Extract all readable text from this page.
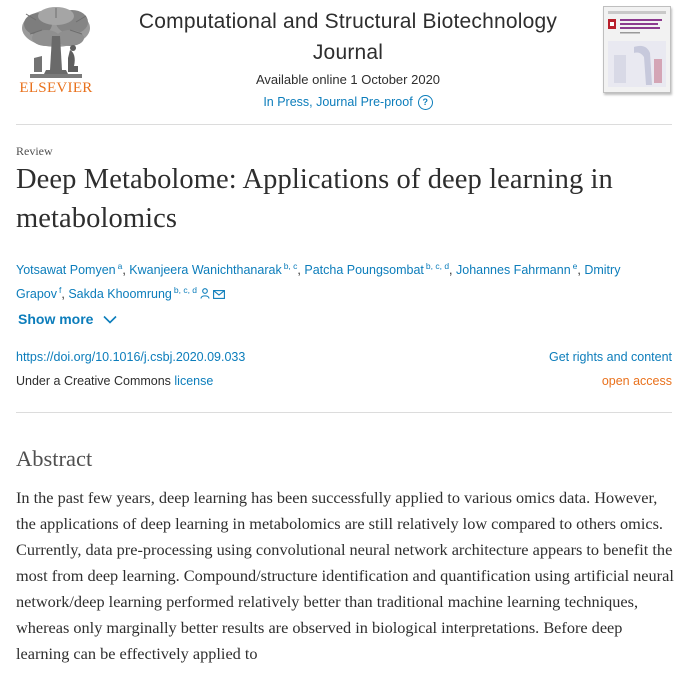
ELSEVIER
Computational and Structural Biotechnology Journal
Available online 1 October 2020
In Press, Journal Pre-proof	?
Review
Deep Metabolome: Applications of deep learning in metabolomics
Yotsawat Pomyen $^a$, Kwanjeera Wanichthanarak $^{b, c}$, Patcha Poungsombat $^{b, c, d}$, Johannes Fahrmann $^e$, Dmitry Grapov $^f$, Sakda Khoomrung $^{b, c, d}$
Show more
https://doi.org/10.1016/j.csbj.2020.09.033
Under a Creative Commons license
Get rights and content
open access
Abstract

In the past few years, deep learning has been successfully applied to various omics data. However, the applications of deep learning in metabolomics are still relatively low compared to others omics. Currently, data pre-processing using convolutional neural network architecture appears to benefit the most from deep learning. Compound/structure identification and quantification using artificial neural network/deep learning performed relatively better than traditional machine learning techniques, whereas only marginally better results are observed in biological interpretations. Before deep learning can be effectively applied to
